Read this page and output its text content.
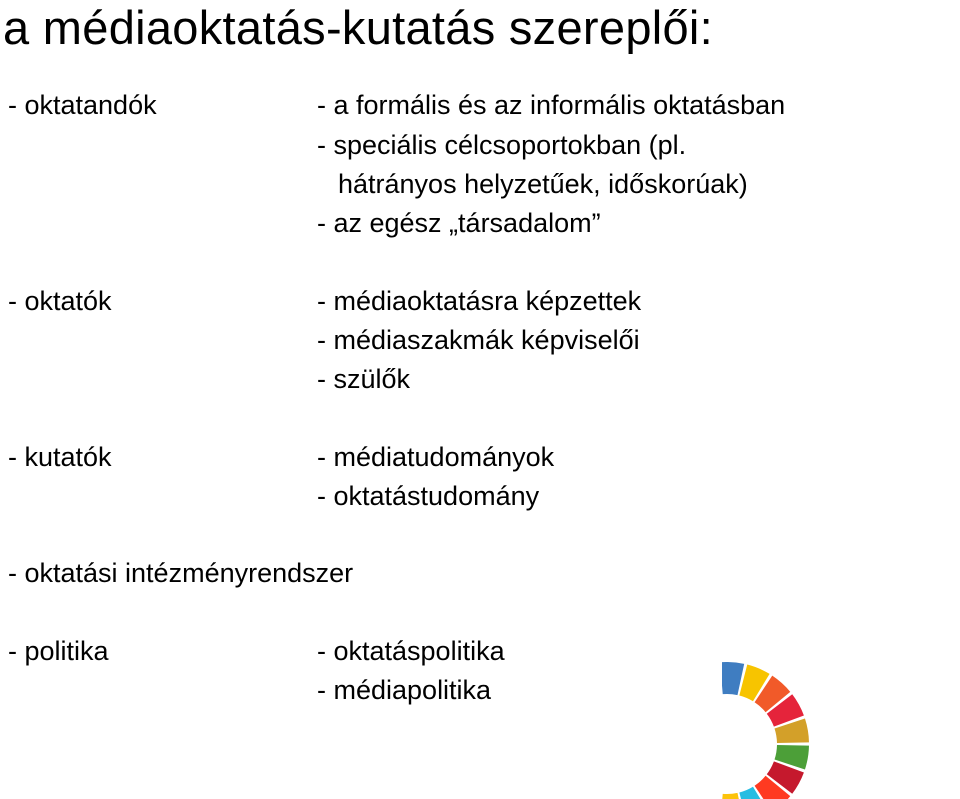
a médiaoktatás-kutatás szereplői:
- oktatandók	- a formális és az informális oktatásban
- speciális célcsoportokban (pl.
hátrányos helyzetűek, időskorúak)
- az egész „társadalom”
- oktatók	- médiaoktatásra képzettek
- médiaszakmák képviselői
- szülők
- kutatók	- médiatudományok
- oktatástudomány
- oktatási intézményrendszer
- politika	- oktatáspolitika
- médiapolitika
